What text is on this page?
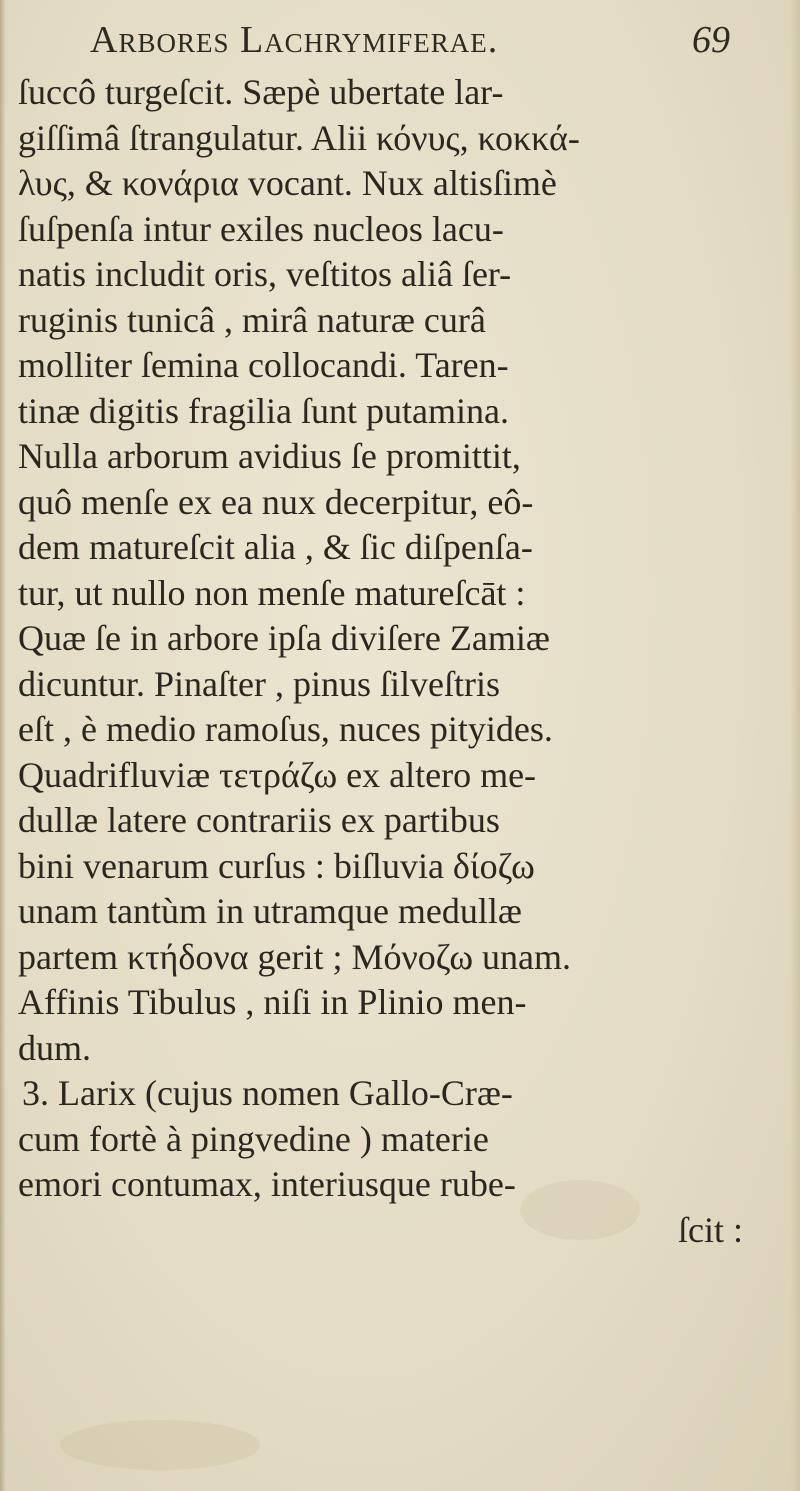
Arbores Lachrymiferae.	69
ſuccô turgeſcit. Sæpè ubertate lar-
giſſimâ ſtrangulatur. Alii κόνυς, κοκκά-
λυς, & κονάρια vocant. Nux altisſimè
ſuſpenſa intur exiles nucleos lacu-
natis includit oris, veſtitos aliâ ſer-
ruginis tunicâ , mirâ naturæ curâ
molliter ſemina collocandi. Taren-
tinæ digitis fragilia ſunt putamina.
Nulla arborum avidius ſe promittit,
quô menſe ex ea nux decerpitur, eô-
dem matureſcit alia , & ſic diſpenſa-
tur, ut nullo non menſe matureſcāt :
Quæ ſe in arbore ipſa diviſere Zamiæ
dicuntur. Pinaſter , pinus ſilveſtris
eſt , è medio ramoſus, nuces pityides.
Quadrifluviæ τετράζω ex altero me-
dullæ latere contrariis ex partibus
bini venarum curſus : biſluvia δίοζω
unam tantùm in utramque medullæ
partem κτήδονα gerit ; Μόνοζω unam.
Affinis Tibulus , niſi in Plinio men-
dum.
3. Larix (cujus nomen Gallo-Cræ-
cum fortè à pingvedine ) materie
emori contumax, interiusque rube-
ſcit :
